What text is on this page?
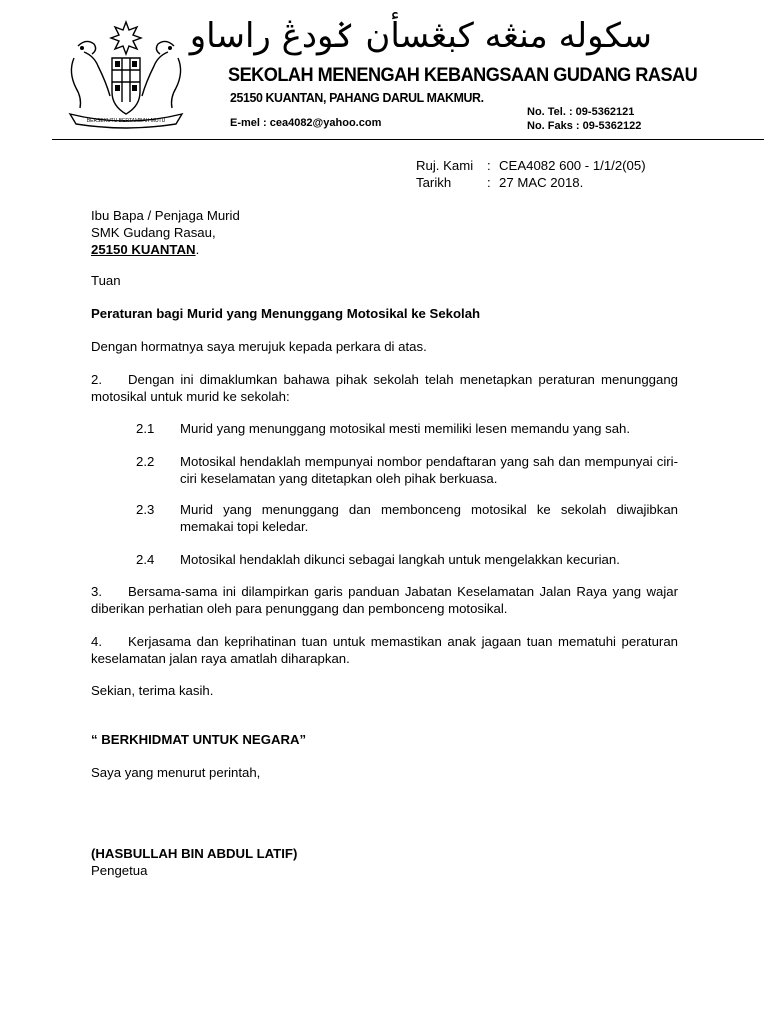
BERSEKUTU BERTAMBAH MUTU
سکوله منڠه کبڠسأن ݢودڠ راساو
SEKOLAH MENENGAH KEBANGSAAN GUDANG RASAU
25150 KUANTAN, PAHANG DARUL MAKMUR.
E-mel : cea4082@yahoo.com
No. Tel. : 09-5362121
No. Faks : 09-5362122
Ruj. Kami : CEA4082 600 - 1/1/2(05)
Tarikh	: 27 MAC 2018.
Ibu Bapa / Penjaga Murid
SMK Gudang Rasau,
25150 KUANTAN.
Tuan
Peraturan bagi Murid yang Menunggang Motosikal ke Sekolah
Dengan hormatnya saya merujuk kepada perkara di atas.
2. Dengan ini dimaklumkan bahawa pihak sekolah telah menetapkan peraturan menunggang motosikal untuk murid ke sekolah:
2.1 Murid yang menunggang motosikal mesti memiliki lesen memandu yang sah.
2.2 Motosikal hendaklah mempunyai nombor pendaftaran yang sah dan mempunyai ciri-ciri keselamatan yang ditetapkan oleh pihak berkuasa.
2.3 Murid yang menunggang dan membonceng motosikal ke sekolah diwajibkan memakai topi keledar.
2.4 Motosikal hendaklah dikunci sebagai langkah untuk mengelakkan kecurian.
3. Bersama-sama ini dilampirkan garis panduan Jabatan Keselamatan Jalan Raya yang wajar diberikan perhatian oleh para penunggang dan pembonceng motosikal.
4. Kerjasama dan keprihatinan tuan untuk memastikan anak jagaan tuan mematuhi peraturan keselamatan jalan raya amatlah diharapkan.
Sekian, terima kasih.
“ BERKHIDMAT UNTUK NEGARA”
Saya yang menurut perintah,
(HASBULLAH BIN ABDUL LATIF)
Pengetua
